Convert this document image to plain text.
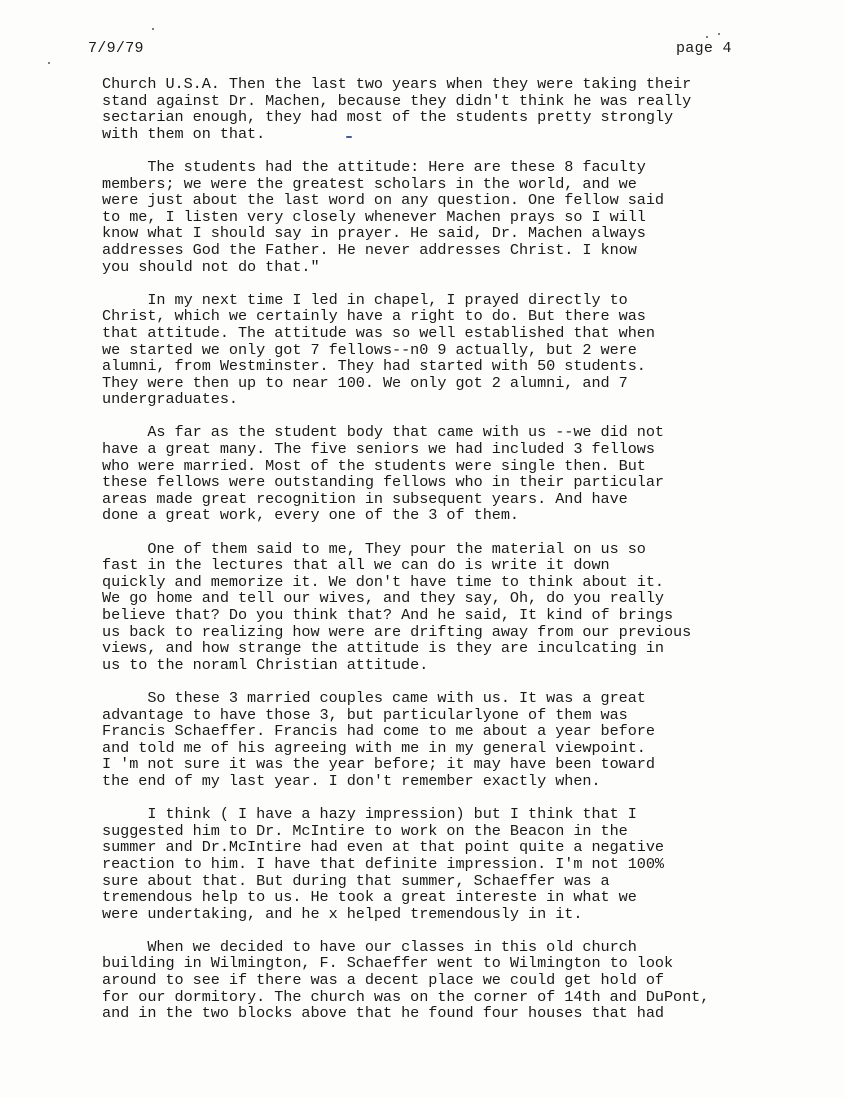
7/9/79	page 4
Church U.S.A. Then the last two years when they were taking their
stand against Dr. Machen, because they didn't think he was really
sectarian enough, they had most of the students pretty strongly
with them on that.
The students had the attitude: Here are these 8 faculty
members; we were the greatest scholars in the world, and we
were just about the last word on any question. One fellow said
to me, I listen very closely whenever Machen prays so I will
know what I should say in prayer. He said, Dr. Machen always
addresses God the Father. He never addresses Christ. I know
you should not do that."
In my next time I led in chapel, I prayed directly to
Christ, which we certainly have a right to do. But there was
that attitude. The attitude was so well established that when
we started we only got 7 fellows--n0 9 actually, but 2 were
alumni, from Westminster. They had started with 50 students.
They were then up to near 100. We only got 2 alumni, and 7
undergraduates.
As far as the student body that came with us --we did not
have a great many. The five seniors we had included 3 fellows
who were married. Most of the students were single then. But
these fellows were outstanding fellows who in their particular
areas made great recognition in subsequent years. And have
done a great work, every one of the 3 of them.
One of them said to me, They pour the material on us so
fast in the lectures that all we can do is write it down
quickly and memorize it. We don't have time to think about it.
We go home and tell our wives, and they say, Oh, do you really
believe that? Do you think that? And he said, It kind of brings
us back to realizing how were are drifting away from our previous
views, and how strange the attitude is they are inculcating in
us to the noraml Christian attitude.
So these 3 married couples came with us. It was a great
advantage to have those 3, but particularlyone of them was
Francis Schaeffer. Francis had come to me about a year before
and told me of his agreeing with me in my general viewpoint.
I 'm not sure it was the year before; it may have been toward
the end of my last year. I don't remember exactly when.
I think ( I have a hazy impression) but I think that I
suggested him to Dr. McIntire to work on the Beacon in the
summer and Dr.McIntire had even at that point quite a negative
reaction to him. I have that definite impression. I'm not 100%
sure about that. But during that summer, Schaeffer was a
tremendous help to us. He took a great intereste in what we
were undertaking, and he x helped tremendously in it.
When we decided to have our classes in this old church
building in Wilmington, F. Schaeffer went to Wilmington to look
around to see if there was a decent place we could get hold of
for our dormitory. The church was on the corner of 14th and DuPont,
and in the two blocks above that he found four houses that had
